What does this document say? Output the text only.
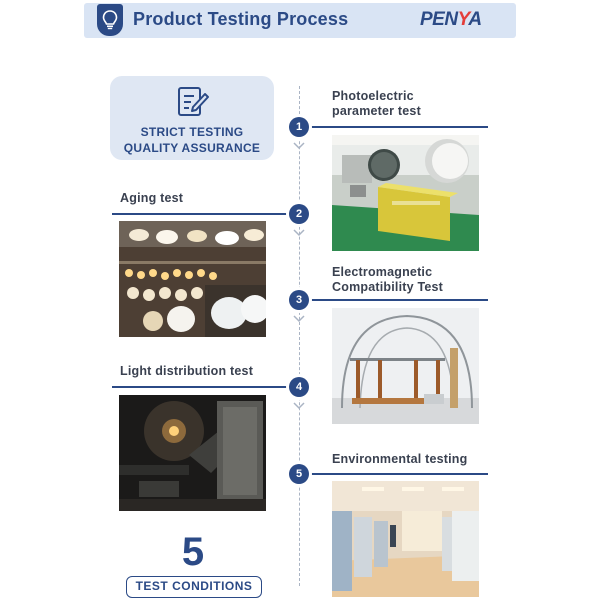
Product Testing Process	PENYA
STRICT TESTING
QUALITY ASSURANCE
Photoelectric
parameter test
1
Aging test
2
Electromagnetic
Compatibility Test
3
Light distribution test
4
Environmental testing
5
5
TEST CONDITIONS
